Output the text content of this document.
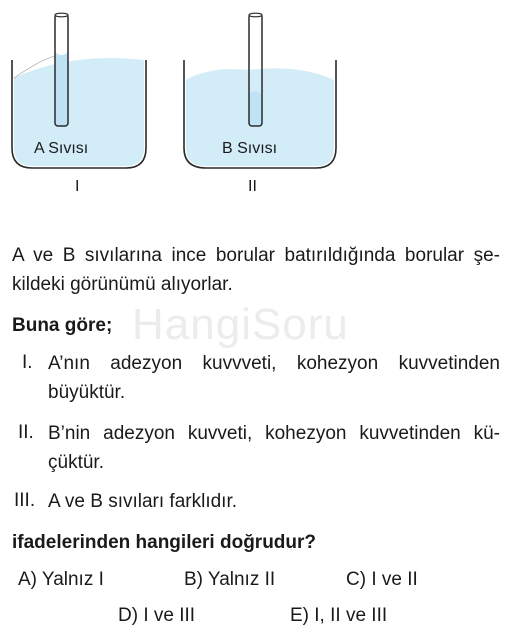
A Sıvısı	B Sıvısı
I	II
HangiSoru
A ve B sıvılarına ince borular batırıldığında borular şe-
kildeki görünümü alıyorlar.
Buna göre;
I. A’nın adezyon kuvvveti, kohezyon kuvvetinden
büyüktür.
II. B’nin adezyon kuvveti, kohezyon kuvvetinden kü-
çüktür.
III. A ve B sıvıları farklıdır.
ifadelerinden hangileri doğrudur?
A) Yalnız I	B) Yalnız II	C) I ve II
D) I ve III	E) I, II ve III
